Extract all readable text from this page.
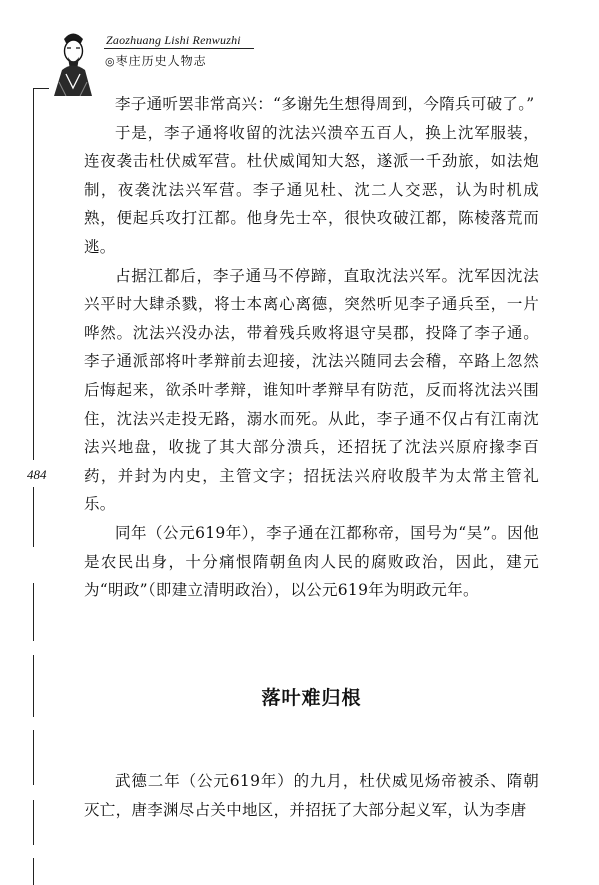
Zaozhuang Lishi Renwuzhi
◎枣庄历史人物志
484

李子通听罢非常高兴：“多谢先生想得周到，今隋兵可破了。”

于是，李子通将收留的沈法兴溃卒五百人，换上沈军服装，连夜袭击杜伏威军营。杜伏威闻知大怒，遂派一千劲旅，如法炮制，夜袭沈法兴军营。李子通见杜、沈二人交恶，认为时机成熟，便起兵攻打江都。他身先士卒，很快攻破江都，陈棱落荒而逃。

占据江都后，李子通马不停蹄，直取沈法兴军。沈军因沈法兴平时大肆杀戮，将士本离心离德，突然听见李子通兵至，一片哗然。沈法兴没办法，带着残兵败将退守吴郡，投降了李子通。李子通派部将叶孝辩前去迎接，沈法兴随同去会稽，卒路上忽然后悔起来，欲杀叶孝辩，谁知叶孝辩早有防范，反而将沈法兴围住，沈法兴走投无路，溺水而死。从此，李子通不仅占有江南沈法兴地盘，收拢了其大部分溃兵，还招抚了沈法兴原府掾李百药，并封为内史，主管文字；招抚法兴府收殷芊为太常主管礼乐。

同年（公元619年），李子通在江都称帝，国号为“吴”。因他是农民出身，十分痛恨隋朝鱼肉人民的腐败政治，因此，建元为“明政”（即建立清明政治），以公元619年为明政元年。

落叶难归根

武德二年（公元619年）的九月，杜伏威见炀帝被杀、隋朝灭亡，唐李渊尽占关中地区，并招抚了大部分起义军，认为李唐
